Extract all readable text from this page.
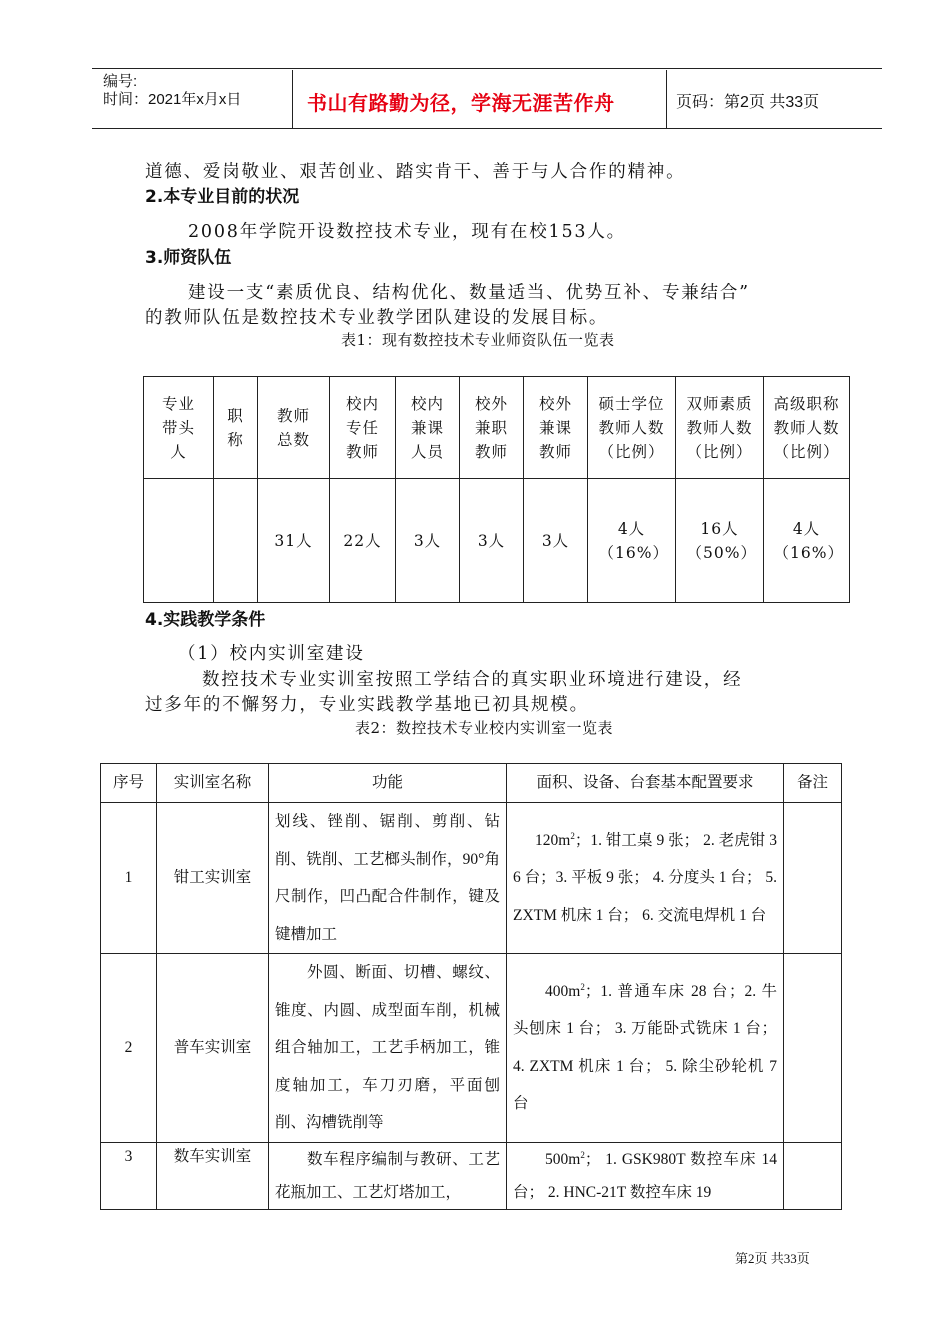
编号:
时间：2021年x月x日	书山有路勤为径，学海无涯苦作舟	页码：第2页 共33页
道德、爱岗敬业、艰苦创业、踏实肯干、善于与人合作的精神。
2.本专业目前的状况
2008年学院开设数控技术专业，现有在校153人。
3.师资队伍
建设一支“素质优良、结构优化、数量适当、优势互补、专兼结合”
的教师队伍是数控技术专业教学团队建设的发展目标。
表1：现有数控技术专业师资队伍一览表
专业带头人	职称	教师总数	校内专任教师	校内兼课人员	校外兼职教师	校外兼课教师	硕士学位教师人数（比例）	双师素质教师人数（比例）	高级职称教师人数（比例）

		31人	22人	3人	3人	3人	4人（16%）	16人（50%）	4人（16%）
4.实践教学条件
（1）校内实训室建设
数控技术专业实训室按照工学结合的真实职业环境进行建设，经
过多年的不懈努力，专业实践教学基地已初具规模。
表2：数控技术专业校内实训室一览表
序号	实训室名称	功能	面积、设备、台套基本配置要求	备注
1	钳工实训室	划线、锉削、锯削、剪削、钻削、铣削、工艺榔头制作，90°角尺制作，凹凸配合件制作，键及键槽加工	$120m^2$；1. 钳工桌 9 张； 2. 老虎钳 36 台；3. 平板 9 张； 4. 分度头 1 台； 5. ZXTM 机床 1 台； 6. 交流电焊机 1 台	

2	普车实训室	外圆、断面、切槽、螺纹、锥度、内圆、成型面车削，机械组合轴加工，工艺手柄加工，锥度轴加工，车刀刃磨，平面刨削、沟槽铣削等	$400m^2$；1. 普通车床 28 台；2. 牛头刨床 1 台； 3. 万能卧式铣床 1 台； 4. ZXTM 机床 1 台； 5. 除尘砂轮机 7 台	

3	数车实训室	数车程序编制与教研、工艺花瓶加工、工艺灯塔加工，	$500m^2$； 1. GSK980T 数控车床 14 台； 2. HNC-21T 数控车床 19	

第2页 共33页
